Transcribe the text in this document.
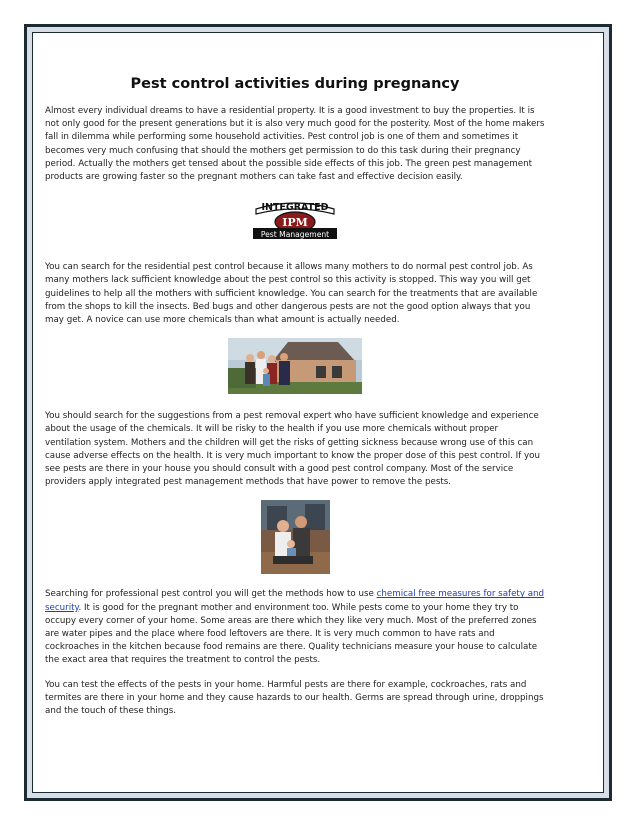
Pest control activities during pregnancy

Almost every individual dreams to have a residential property. It is a good investment to buy the properties. It is not only good for the present generations but it is also very much good for the posterity. Most of the home makers fall in dilemma while performing some household activities. Pest control job is one of them and sometimes it becomes very much confusing that should the mothers get permission to do this task during their pregnancy period. Actually the mothers get tensed about the possible side effects of this job. The green pest management products are growing faster so the pregnant mothers can take fast and effective decision easily.

INTEGRATED
IPM
Pest Management

You can search for the residential pest control because it allows many mothers to do normal pest control job. As many mothers lack sufficient knowledge about the pest control so this activity is stopped. This way you will get guidelines to help all the mothers with sufficient knowledge. You can search for the treatments that are available from the shops to kill the insects. Bed bugs and other dangerous pests are not the good option always that you may get. A novice can use more chemicals than what amount is actually needed.

You should search for the suggestions from a pest removal expert who have sufficient knowledge and experience about the usage of the chemicals. It will be risky to the health if you use more chemicals without proper ventilation system. Mothers and the children will get the risks of getting sickness because wrong use of this can cause adverse effects on the health. It is very much important to know the proper dose of this pest control. If you see pests are there in your house you should consult with a good pest control company. Most of the service providers apply integrated pest management methods that have power to remove the pests.

Searching for professional pest control you will get the methods how to use chemical free measures for safety and security. It is good for the pregnant mother and environment too. While pests come to your home they try to occupy every corner of your home. Some areas are there which they like very much. Most of the preferred zones are water pipes and the place where food leftovers are there. It is very much common to have rats and cockroaches in the kitchen because food remains are there. Quality technicians measure your house to calculate the exact area that requires the treatment to control the pests.

You can test the effects of the pests in your home. Harmful pests are there for example, cockroaches, rats and termites are there in your home and they cause hazards to our health. Germs are spread through urine, droppings and the touch of these things.
